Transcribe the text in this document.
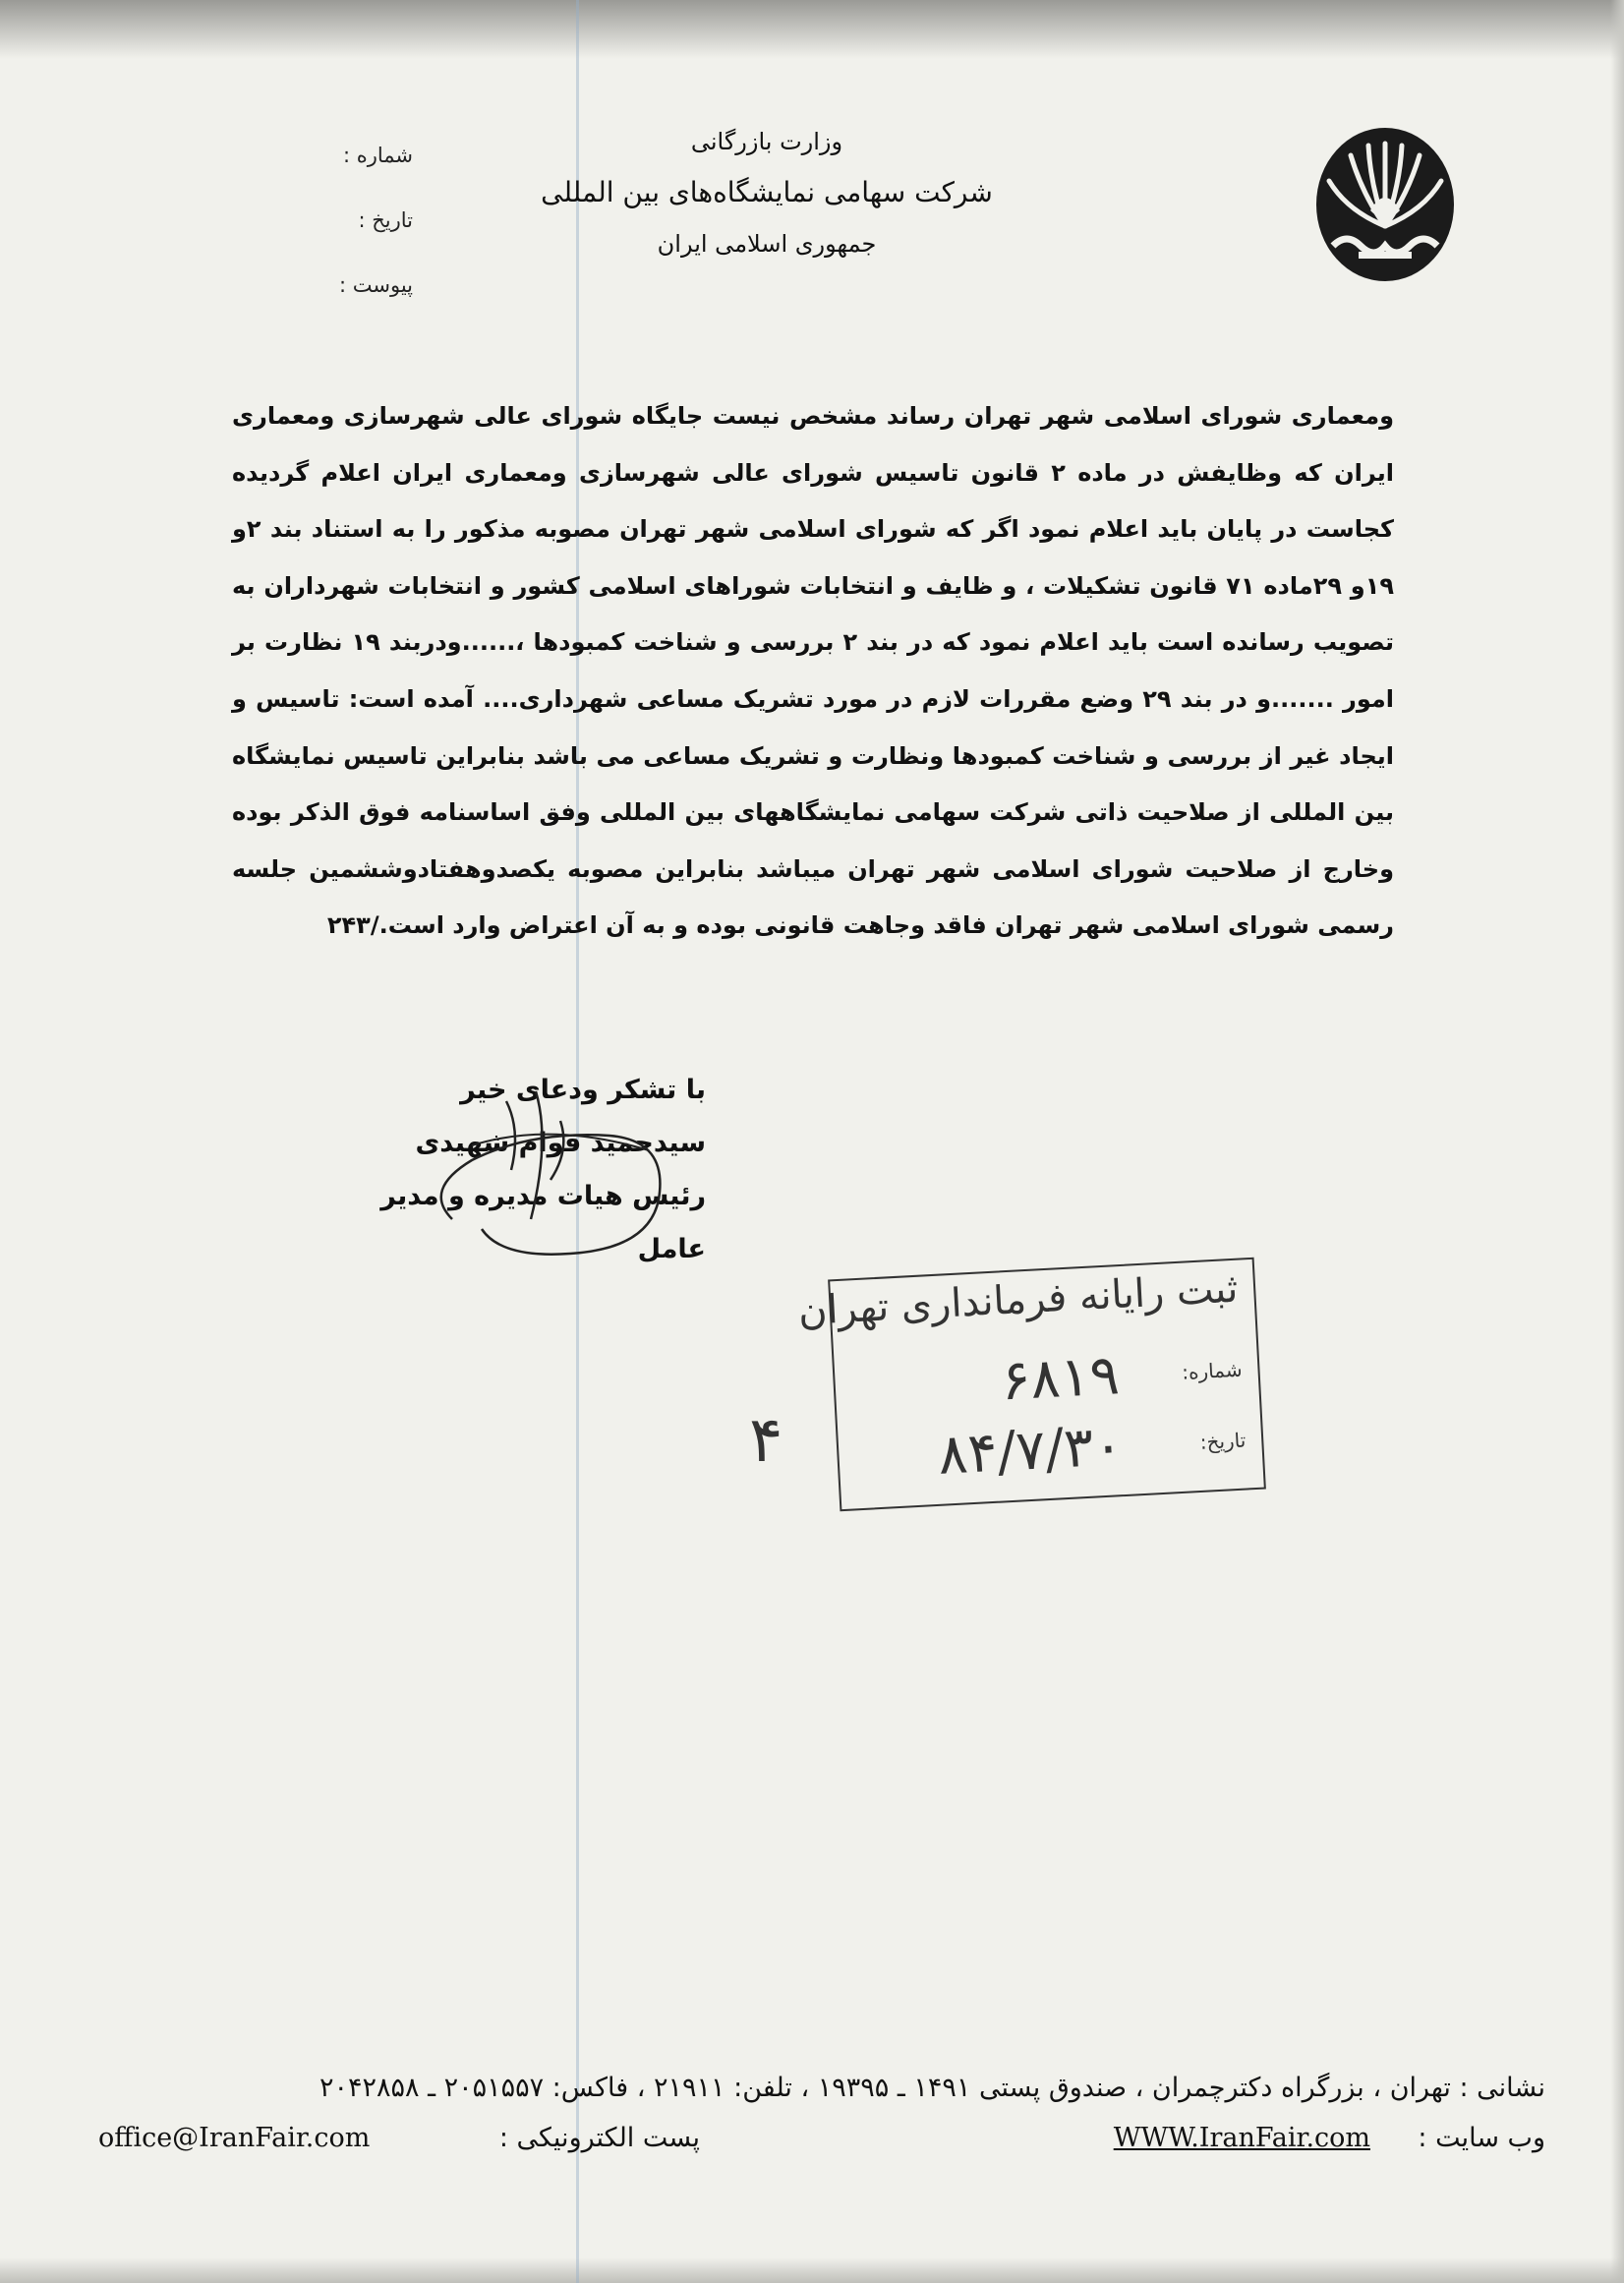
وزارت بازرگانی
شرکت سهامی نمایشگاه‌های بین المللی
جمهوری اسلامی ایران
شماره :
تاریخ :
پیوست :

ومعماری شورای اسلامی شهر تهران رساند مشخص نیست جایگاه شورای عالی شهرسازی ومعماری ایران که وظایفش در ماده ۲ قانون تاسیس شورای عالی شهرسازی ومعماری ایران اعلام گردیده کجاست در پایان باید اعلام نمود اگر که شورای اسلامی شهر تهران مصوبه مذکور را به استناد بند ۲و ۱۹و ۲۹ماده ۷۱ قانون تشکیلات ، و ظایف و انتخابات شوراهای اسلامی کشور و انتخابات شهرداران به تصویب رسانده است باید اعلام نمود که در بند ۲ بررسی و شناخت کمبودها ،......ودربند ۱۹ نظارت بر امور .......و در بند ۲۹ وضع مقررات لازم در مورد تشریک مساعی شهرداری.... آمده است: تاسیس و ایجاد غیر از بررسی و شناخت کمبودها ونظارت و تشریک مساعی می باشد بنابراین تاسیس نمایشگاه بین المللی از صلاحیت ذاتی شرکت سهامی نمایشگاههای بین المللی وفق اساسنامه فوق الذکر بوده وخارج از صلاحیت شورای اسلامی شهر تهران میباشد بنابراین مصوبه یکصدوهفتادوششمین جلسه رسمی شورای اسلامی شهر تهران فاقد وجاهت قانونی بوده و به آن اعتراض وارد است./۲۴۳

با تشکر ودعای خیر
سیدحمید قوام شهیدی
رئیس هیات مدیره و مدیر عامل
ثبت رایانه فرمانداری تهران
شماره: ۶۸۱۹
تاریخ: ۸۴/۷/۳۰
۴
نشانی : تهران ، بزرگراه دکترچمران ، صندوق پستی ۱۴۹۱ ـ ۱۹۳۹۵ ، تلفن: ۲۱۹۱۱ ، فاکس: ۲۰۵۱۵۵۷ ـ ۲۰۴۲۸۵۸
وب سایت :
WWW.IranFair.com
پست الکترونیکی :
office@IranFair.com
